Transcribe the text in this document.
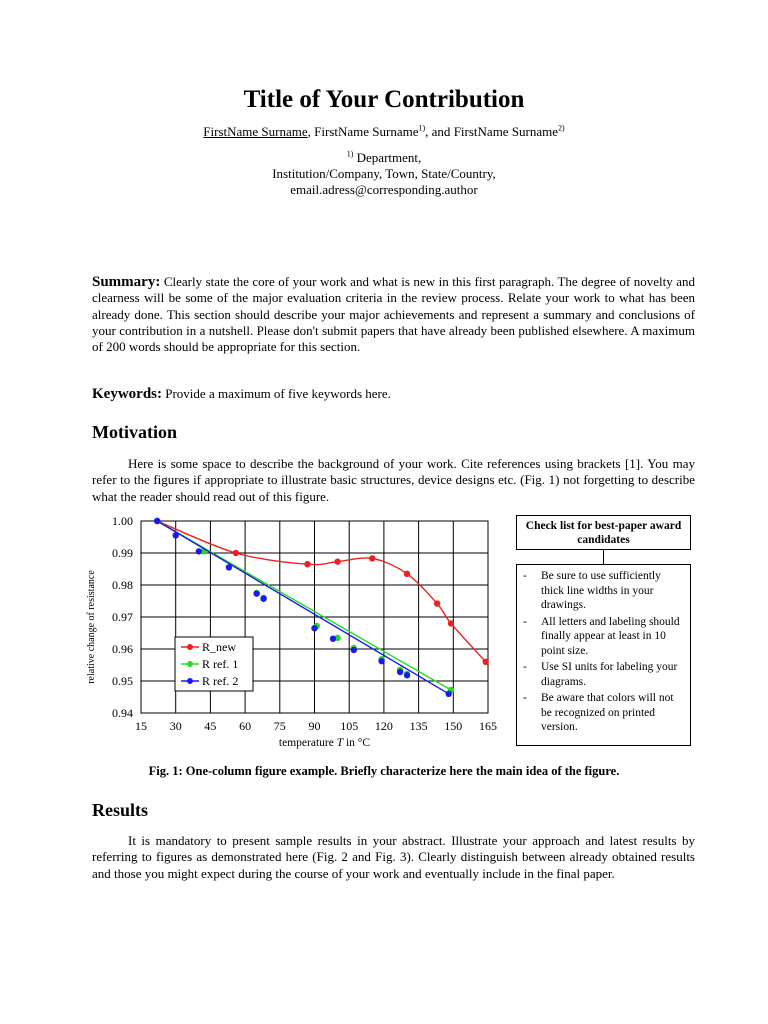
Title of Your Contribution
FirstName Surname, FirstName Surname$^{1)}$, and FirstName Surname$^{2)}$
$^{1)}$ Department,
Institution/Company, Town, State/Country,
email.adress@corresponding.author
Summary: Clearly state the core of your work and what is new in this first paragraph. The degree of novelty and clearness will be some of the major evaluation criteria in the review process. Relate your work to what has been already done. This section should describe your major achievements and represent a summary and conclusions of your contribution in a nutshell. Please don't submit papers that have already been published elsewhere. A maximum of 200 words should be appropriate for this section.
Keywords: Provide a maximum of five keywords here.
Motivation
Here is some space to describe the background of your work. Cite references using brackets [1]. You may refer to the figures if appropriate to illustrate basic structures, device designs etc. (Fig. 1) not forgetting to describe what the reader should read out of this figure.
15 30 45 60 75 90 105 120 135 150 165
0.94
0.95
0.96
0.97
0.98
0.99
1.00
temperature T in °C
relative change of resistance	R_new
R ref. 1
R ref. 2
Check list for best-paper award candidates
- Be sure to use sufficiently thick line widths in your drawings.
- All letters and labeling should finally appear at least in 10 point size.
- Use SI units for labeling your diagrams.
- Be aware that colors will not be recognized on printed version.
Fig. 1: One-column figure example. Briefly characterize here the main idea of the figure.
Results
It is mandatory to present sample results in your abstract. Illustrate your approach and latest results by referring to figures as demonstrated here (Fig. 2 and Fig. 3). Clearly distinguish between already obtained results and those you might expect during the course of your work and eventually include in the final paper.
